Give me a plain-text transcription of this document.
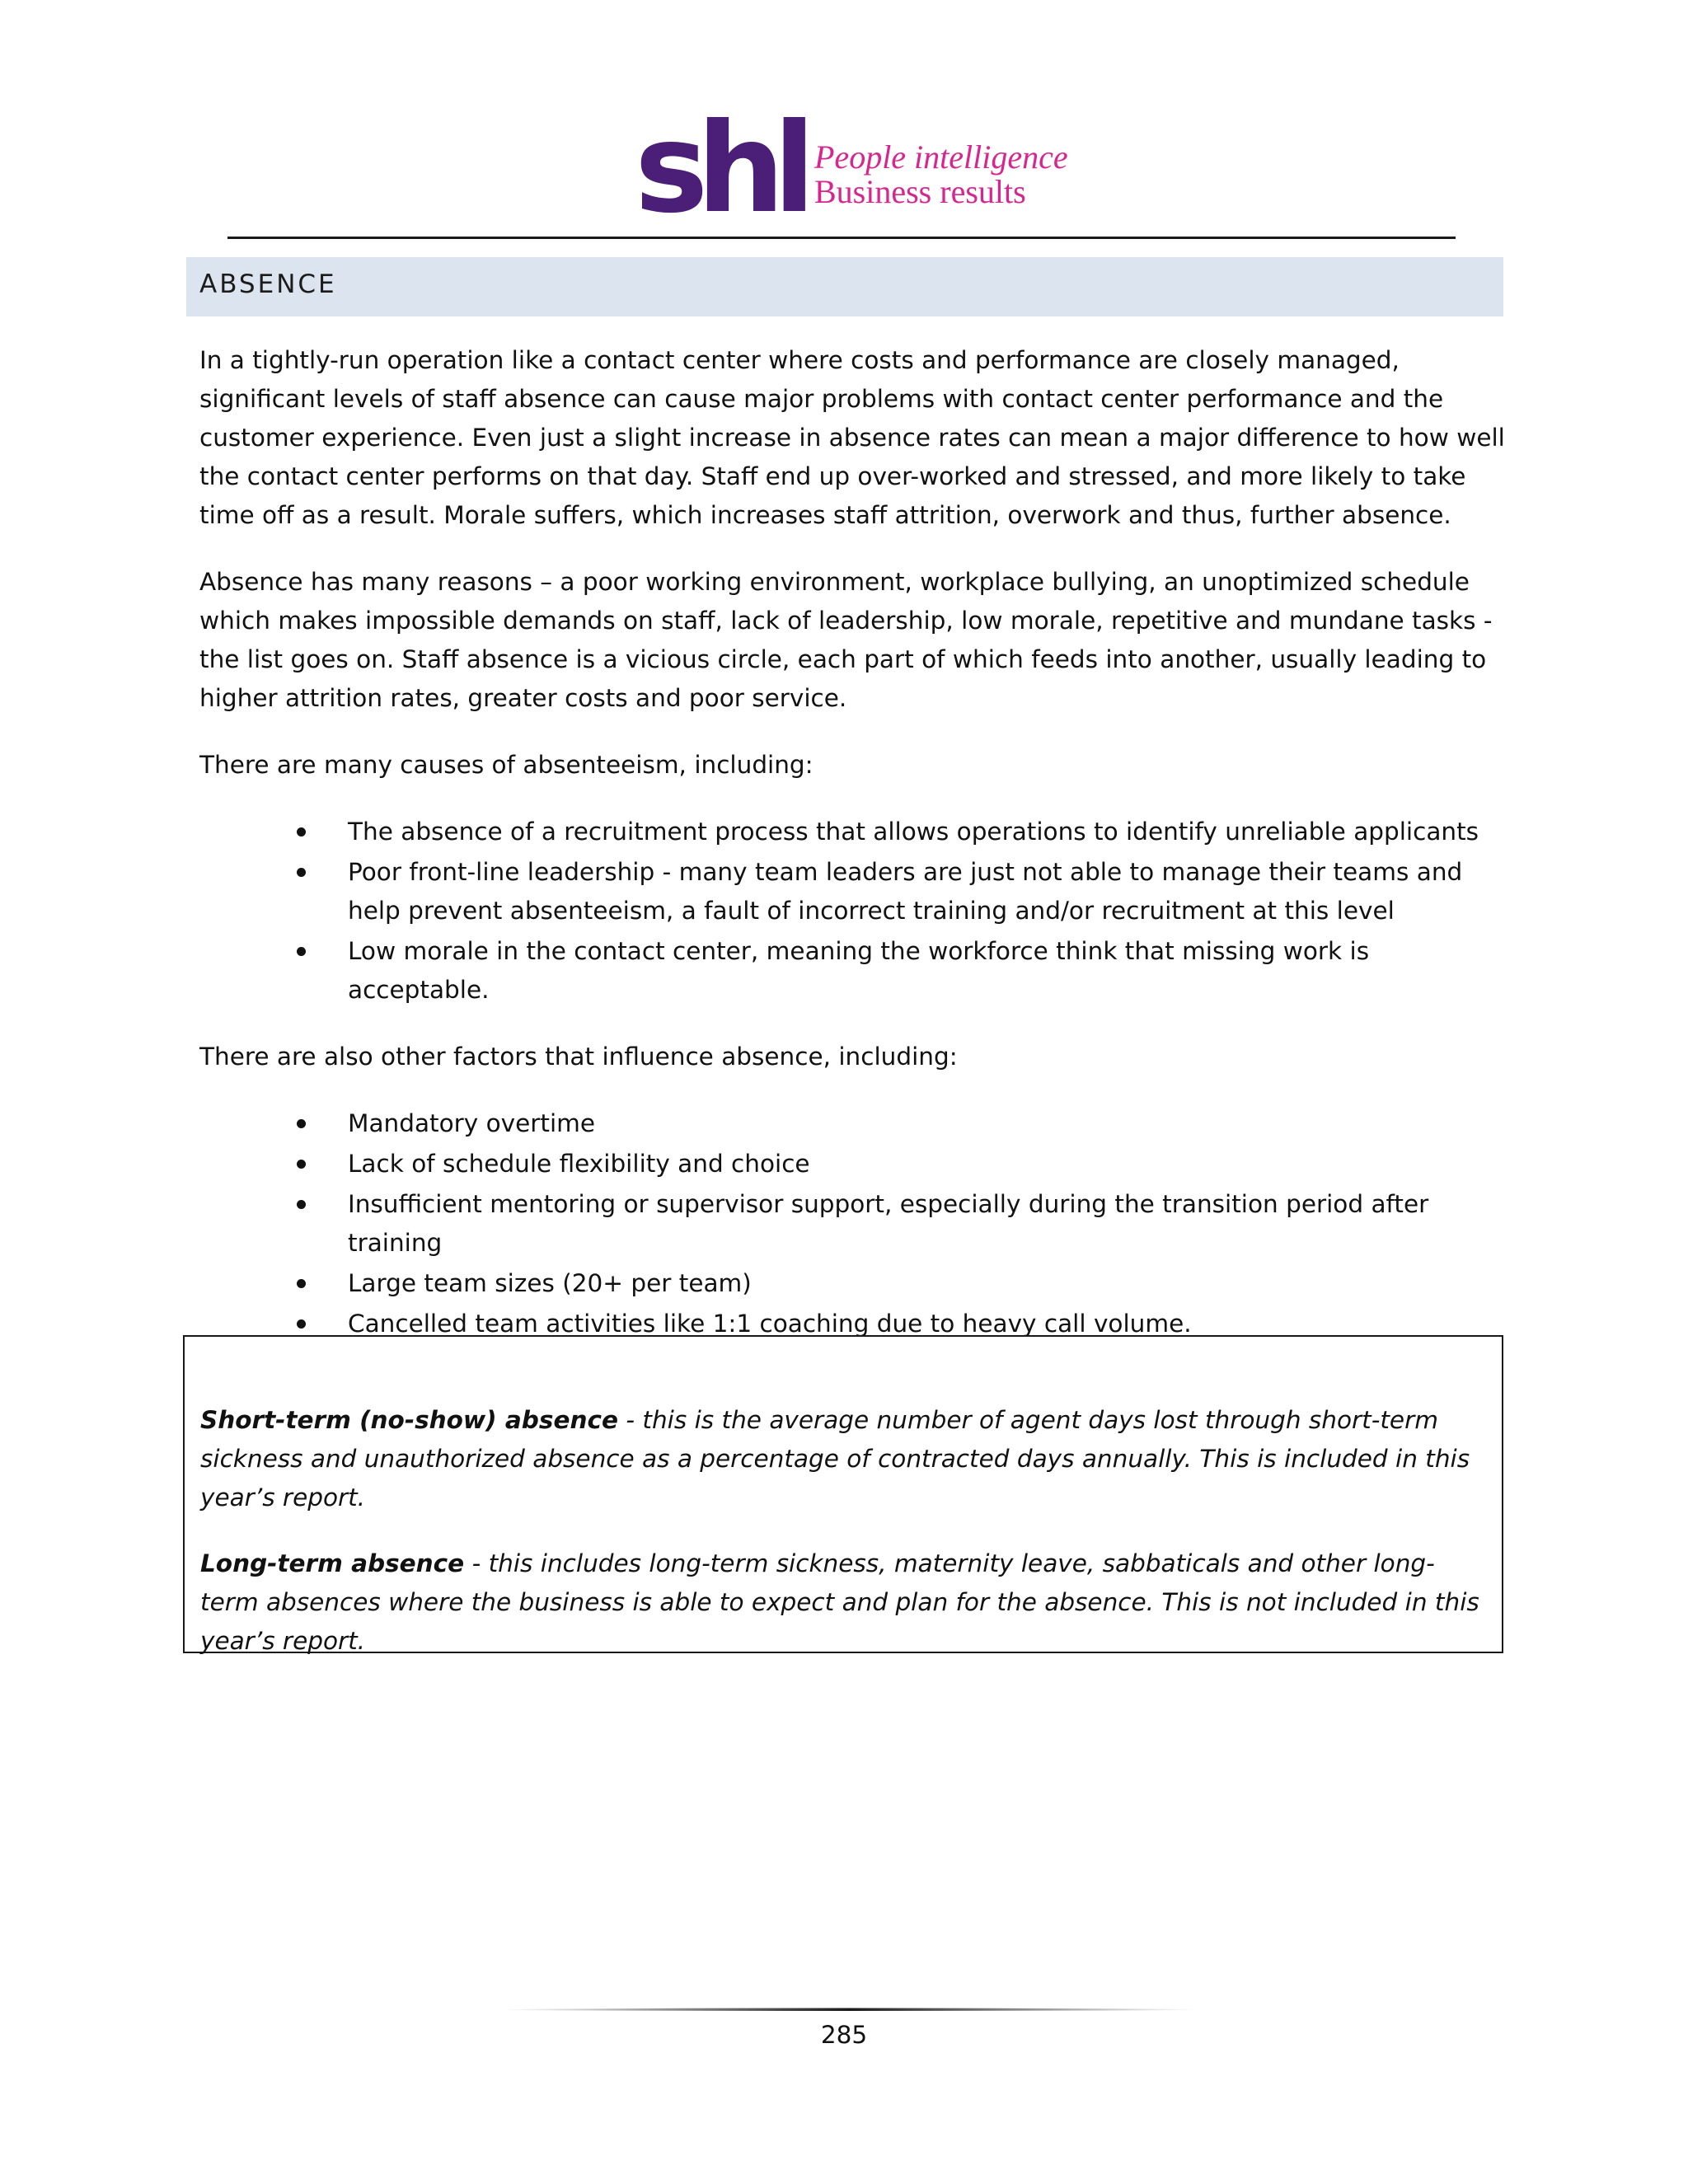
shl People intelligence
Business results
ABSENCE

In a tightly-run operation like a contact center where costs and performance are closely managed, significant levels of staff absence can cause major problems with contact center performance and the customer experience. Even just a slight increase in absence rates can mean a major difference to how well the contact center performs on that day. Staff end up over-worked and stressed, and more likely to take time off as a result. Morale suffers, which increases staff attrition, overwork and thus, further absence.

Absence has many reasons – a poor working environment, workplace bullying, an unoptimized schedule which makes impossible demands on staff, lack of leadership, low morale, repetitive and mundane tasks - the list goes on. Staff absence is a vicious circle, each part of which feeds into another, usually leading to higher attrition rates, greater costs and poor service.

There are many causes of absenteeism, including:

The absence of a recruitment process that allows operations to identify unreliable applicants
Poor front-line leadership - many team leaders are just not able to manage their teams and help prevent absenteeism, a fault of incorrect training and/or recruitment at this level
Low morale in the contact center, meaning the workforce think that missing work is acceptable.

There are also other factors that influence absence, including:

Mandatory overtime
Lack of schedule flexibility and choice
Insufficient mentoring or supervisor support, especially during the transition period after training
Large team sizes (20+ per team)
Cancelled team activities like 1:1 coaching due to heavy call volume.

Short-term (no-show) absence - this is the average number of agent days lost through short-term sickness and unauthorized absence as a percentage of contracted days annually. This is included in this year’s report.

Long-term absence - this includes long-term sickness, maternity leave, sabbaticals and other long-term absences where the business is able to expect and plan for the absence. This is not included in this year’s report.

285
